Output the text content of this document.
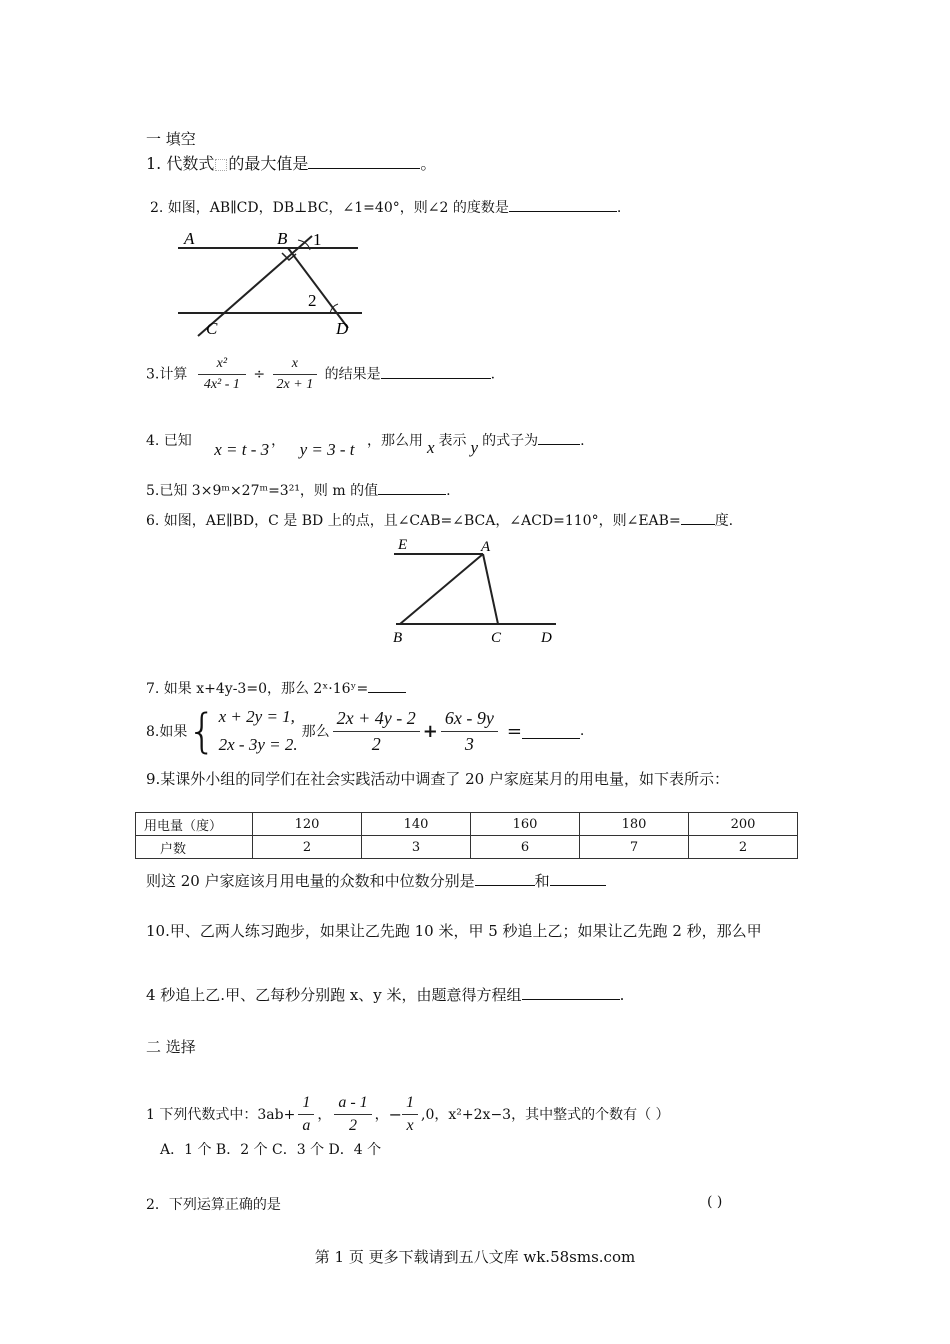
一 填空
1. 代数式 的最大值是	。
2. 如图，AB∥CD，DB⊥BC，∠1=40°，则∠2 的度数是	.
A	B 1
2
C	D
3.计算 $\frac{\text{x²}}{\text{4x² - 1}} \div \frac{x}{2x + 1}$ 的结果是	.
4. 已知 x = t - 3 ， y = 3 - t ，那么用 x 表示 y 的式子为	.
5.已知 3×9ᵐ×27ᵐ=3²¹，则 m 的值	.
6. 如图，AE∥BD，C 是 BD 上的点，且∠CAB=∠BCA，∠ACD=110°，则∠EAB= 度.
E	A
B	C	D
7. 如果 x+4y-3=0，那么 2ˣ·16ʸ=
8.如果 { x + 2y = 1,
2x - 3y = 2.
那么 $\frac{2x + 4y - 2}{2} + \frac{6x - 9y}{3}$ =	.
9.某课外小组的同学们在社会实践活动中调查了 20 户家庭某月的用电量，如下表所示：
用电量（度）	120	140	160	180	200
户数	2	3	6	7	2
则这 20 户家庭该月用电量的众数和中位数分别是	和
10.甲、乙两人练习跑步，如果让乙先跑 10 米，甲 5 秒追上乙；如果让乙先跑 2 秒，那么甲
4 秒追上乙.甲、乙每秒分别跑 x、y 米，由题意得方程组	.
二 选择
1 下列代数式中：$3ab+ \frac{1}{a}$ ， $\frac{a - 1}{2}$ ， − $\frac{1}{x} ,0$，x²+2x−3，其中整式的个数有（ ）
A．1 个 B．2 个 C．3 个 D．4 个
2．下列运算正确的是	( )
第 1 页 更多下载请到五八文库 wk.58sms.com
